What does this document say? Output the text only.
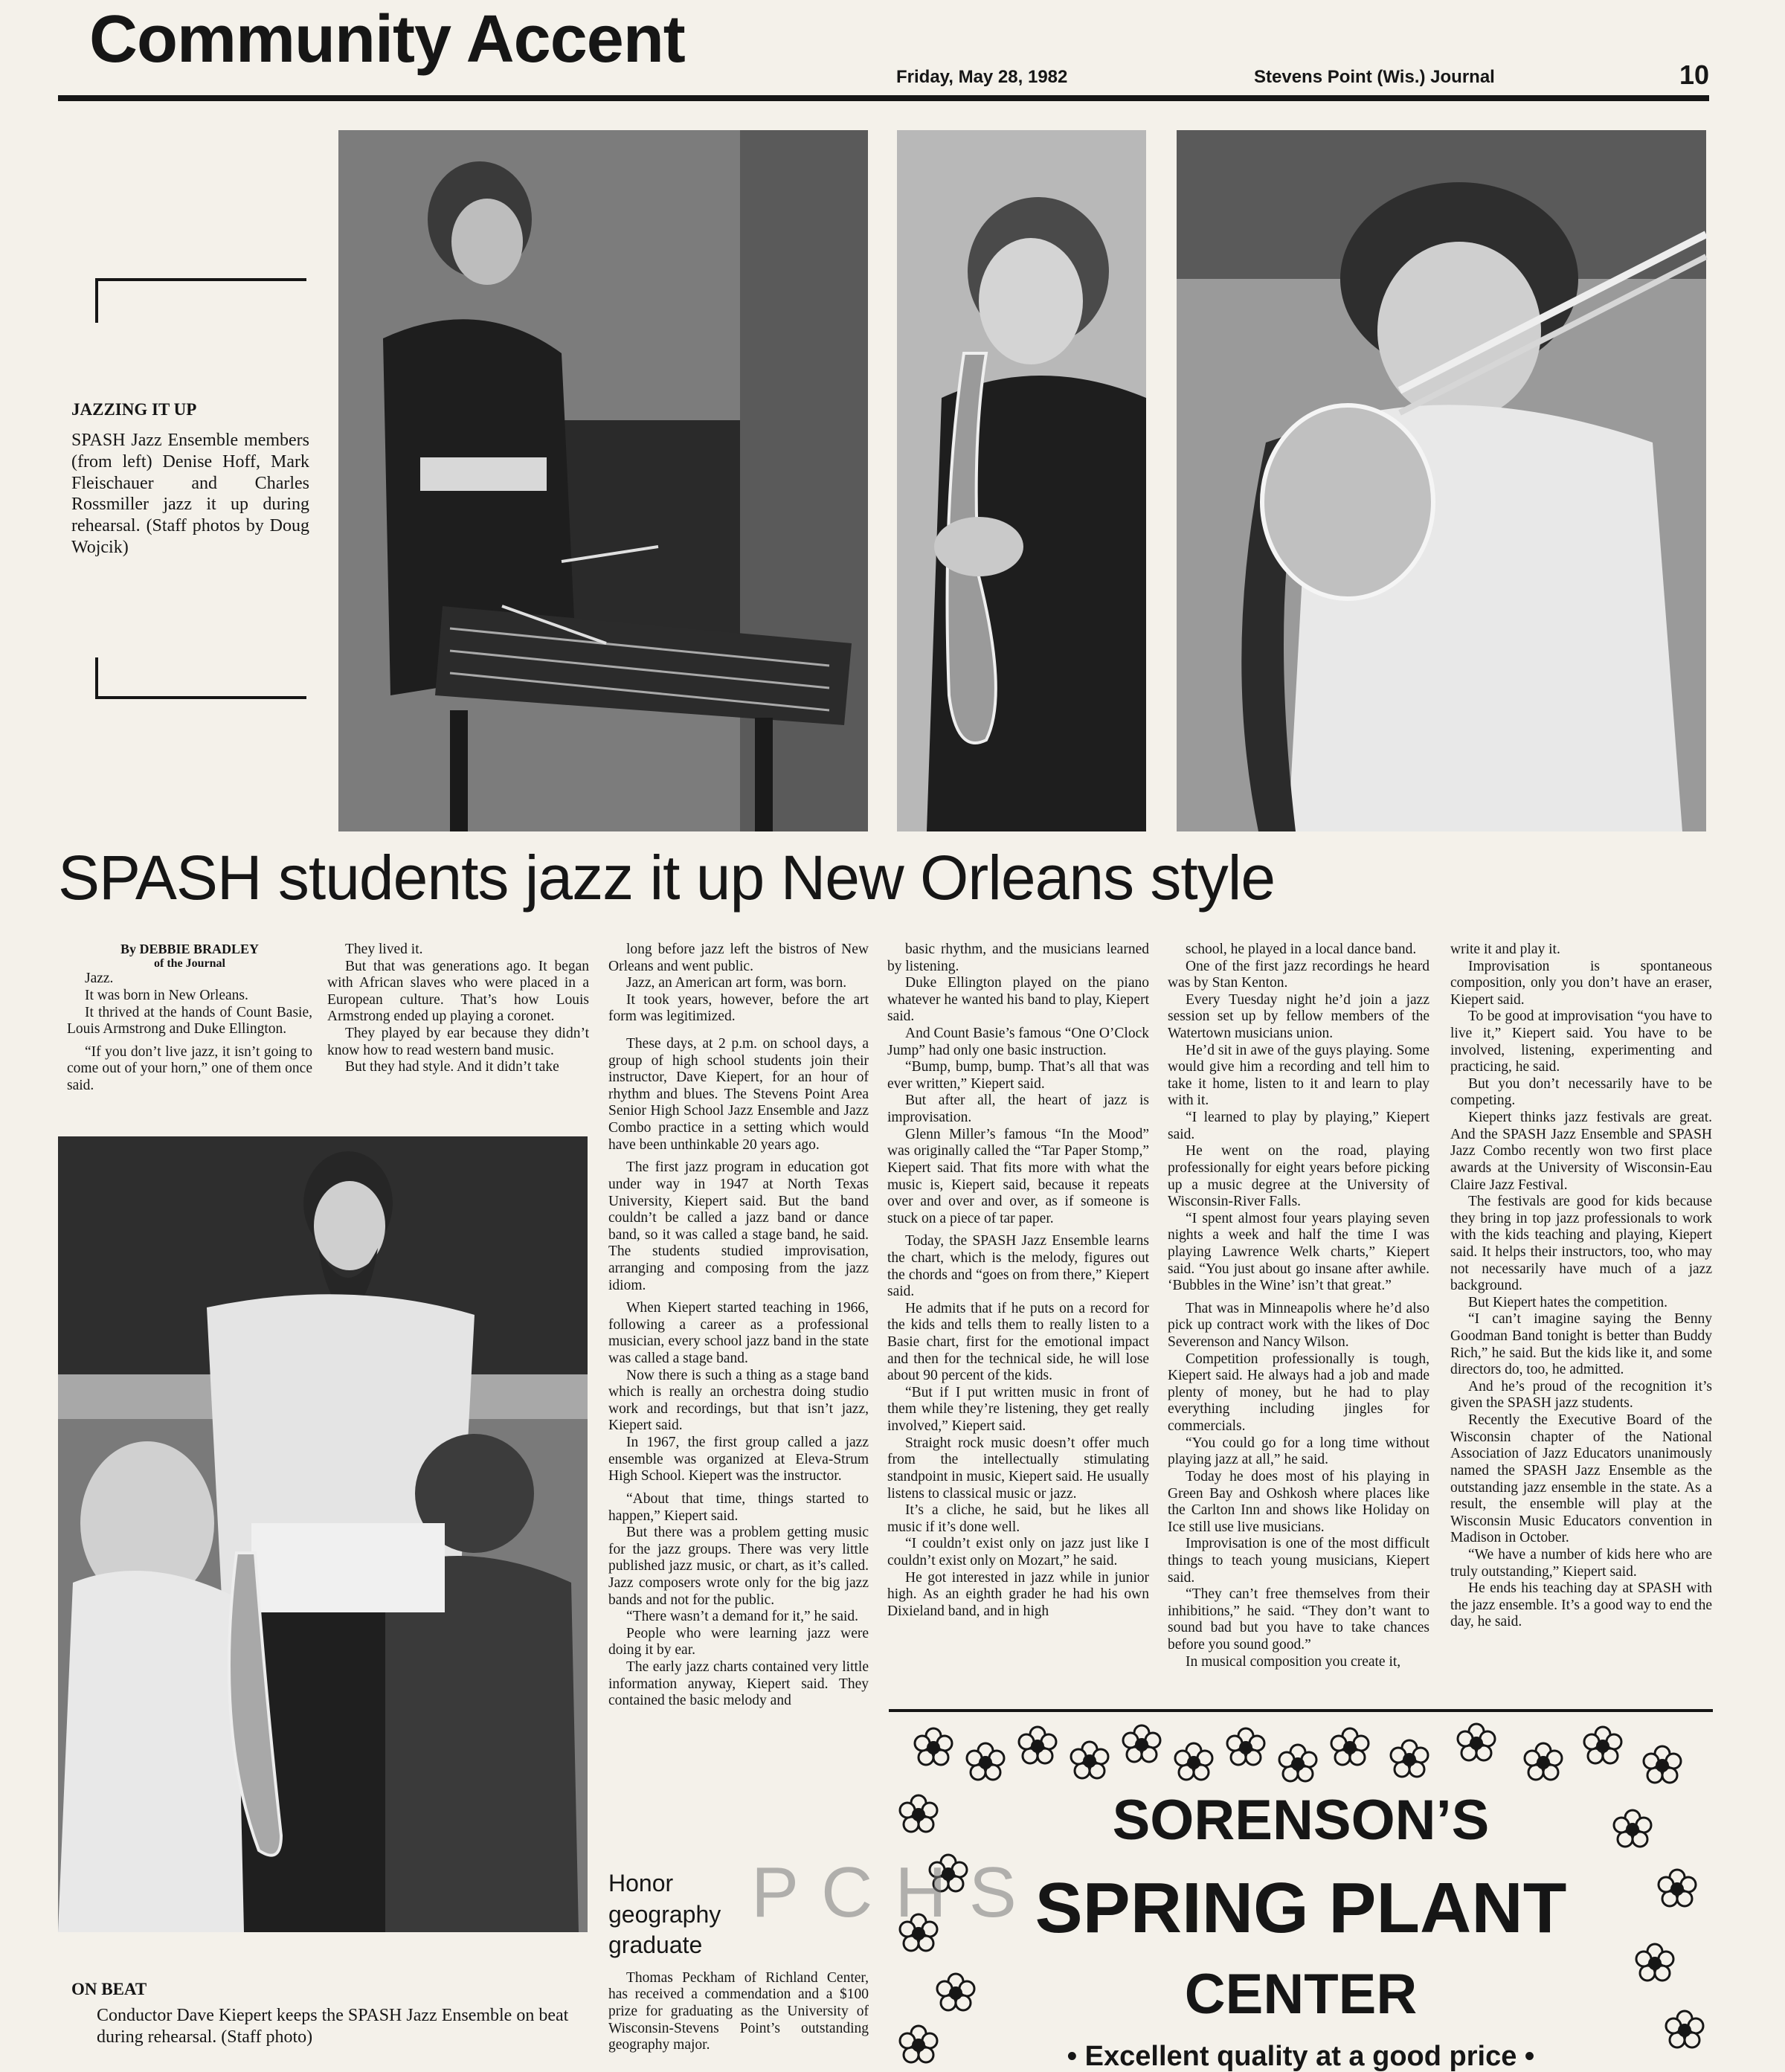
Community Accent
Friday, May 28, 1982	Stevens Point (Wis.) Journal	10
JAZZING IT UP
SPASH Jazz Ensemble members (from left) Denise Hoff, Mark Fleischauer and Charles Rossmiller jazz it up during rehearsal. (Staff photos by Doug Wojcik)
SPASH students jazz it up New Orleans style

By DEBBIE BRADLEY

of the Journal

Jazz.

It was born in New Orleans.

It thrived at the hands of Count Basie, Louis Armstrong and Duke Ellington.

“If you don’t live jazz, it isn’t going to come out of your horn,” one of them once said.

They lived it.

But that was generations ago. It began with African slaves who were placed in a European culture. That’s how Louis Armstrong ended up playing a coronet.

They played by ear because they didn’t know how to read western band music.

But they had style. And it didn’t take

ON BEAT
Conductor Dave Kiepert keeps the SPASH Jazz Ensemble on beat during rehearsal. (Staff photo)

long before jazz left the bistros of New Orleans and went public.

Jazz, an American art form, was born.

It took years, however, before the art form was legitimized.

These days, at 2 p.m. on school days, a group of high school students join their instructor, Dave Kiepert, for an hour of rhythm and blues. The Stevens Point Area Senior High School Jazz Ensemble and Jazz Combo practice in a setting which would have been unthinkable 20 years ago.

The first jazz program in education got under way in 1947 at North Texas University, Kiepert said. But the band couldn’t be called a jazz band or dance band, so it was called a stage band, he said. The students studied improvisation, arranging and composing from the jazz idiom.

When Kiepert started teaching in 1966, following a career as a professional musician, every school jazz band in the state was called a stage band.

Now there is such a thing as a stage band which is really an orchestra doing studio work and recordings, but that isn’t jazz, Kiepert said.

In 1967, the first group called a jazz ensemble was organized at Eleva-Strum High School. Kiepert was the instructor.

“About that time, things started to happen,” Kiepert said.

But there was a problem getting music for the jazz groups. There was very little published jazz music, or chart, as it’s called. Jazz composers wrote only for the big jazz bands and not for the public.

“There wasn’t a demand for it,” he said.

People who were learning jazz were doing it by ear.

The early jazz charts contained very little information anyway, Kiepert said. They contained the basic melody and

Honor
geography
graduate

Thomas Peckham of Richland Center, has received a commendation and a $100 prize for graduating as the University of Wisconsin-Stevens Point’s outstanding geography major.

basic rhythm, and the musicians learned by listening.

Duke Ellington played on the piano whatever he wanted his band to play, Kiepert said.

And Count Basie’s famous “One O’Clock Jump” had only one basic instruction.

“Bump, bump, bump. That’s all that was ever written,” Kiepert said.

But after all, the heart of jazz is improvisation.

Glenn Miller’s famous “In the Mood” was originally called the “Tar Paper Stomp,” Kiepert said. That fits more with what the music is, Kiepert said, because it repeats over and over and over, as if someone is stuck on a piece of tar paper.

Today, the SPASH Jazz Ensemble learns the chart, which is the melody, figures out the chords and “goes on from there,” Kiepert said.

He admits that if he puts on a record for the kids and tells them to really listen to a Basie chart, first for the emotional impact and then for the technical side, he will lose about 90 percent of the kids.

“But if I put written music in front of them while they’re listening, they get really involved,” Kiepert said.

Straight rock music doesn’t offer much from the intellectually stimulating standpoint in music, Kiepert said. He usually listens to classical music or jazz.

It’s a cliche, he said, but he likes all music if it’s done well.

“I couldn’t exist only on jazz just like I couldn’t exist only on Mozart,” he said.

He got interested in jazz while in junior high. As an eighth grader he had his own Dixieland band, and in high

school, he played in a local dance band.

One of the first jazz recordings he heard was by Stan Kenton.

Every Tuesday night he’d join a jazz session set up by fellow members of the Watertown musicians union.

He’d sit in awe of the guys playing. Some would give him a recording and tell him to take it home, listen to it and learn to play with it.

“I learned to play by playing,” Kiepert said.

He went on the road, playing professionally for eight years before picking up a music degree at the University of Wisconsin-River Falls.

“I spent almost four years playing seven nights a week and half the time I was playing Lawrence Welk charts,” Kiepert said. “You just about go insane after awhile. ‘Bubbles in the Wine’ isn’t that great.”

That was in Minneapolis where he’d also pick up contract work with the likes of Doc Severenson and Nancy Wilson.

Competition professionally is tough, Kiepert said. He always had a job and made plenty of money, but he had to play everything including jingles for commercials.

“You could go for a long time without playing jazz at all,” he said.

Today he does most of his playing in Green Bay and Oshkosh where places like the Carlton Inn and shows like Holiday on Ice still use live musicians.

Improvisation is one of the most difficult things to teach young musicians, Kiepert said.

“They can’t free themselves from their inhibitions,” he said. “They don’t want to sound bad but you have to take chances before you sound good.”

In musical composition you create it,

write it and play it.

Improvisation is spontaneous composition, only you don’t have an eraser, Kiepert said.

To be good at improvisation “you have to live it,” Kiepert said. You have to be involved, listening, experimenting and practicing, he said.

But you don’t necessarily have to be competing.

Kiepert thinks jazz festivals are great. And the SPASH Jazz Ensemble and SPASH Jazz Combo recently won two first place awards at the University of Wisconsin-Eau Claire Jazz Festival.

The festivals are good for kids because they bring in top jazz professionals to work with the kids teaching and playing, Kiepert said. It helps their instructors, too, who may not necessarily have much of a jazz background.

But Kiepert hates the competition.

“I can’t imagine saying the Benny Goodman Band tonight is better than Buddy Rich,” he said. But the kids like it, and some directors do, too, he admitted.

And he’s proud of the recognition it’s given the SPASH jazz students.

Recently the Executive Board of the Wisconsin chapter of the National Association of Jazz Educators unanimously named the SPASH Jazz Ensemble as the outstanding jazz ensemble in the state. As a result, the ensemble will play at the Wisconsin Music Educators convention in Madison in October.

“We have a number of kids here who are truly outstanding,” Kiepert said.

He ends his teaching day at SPASH with the jazz ensemble. It’s a good way to end the day, he said.

SORENSON’S
SPRING PLANT
CENTER
• Excellent quality at a good price •
PCHS
